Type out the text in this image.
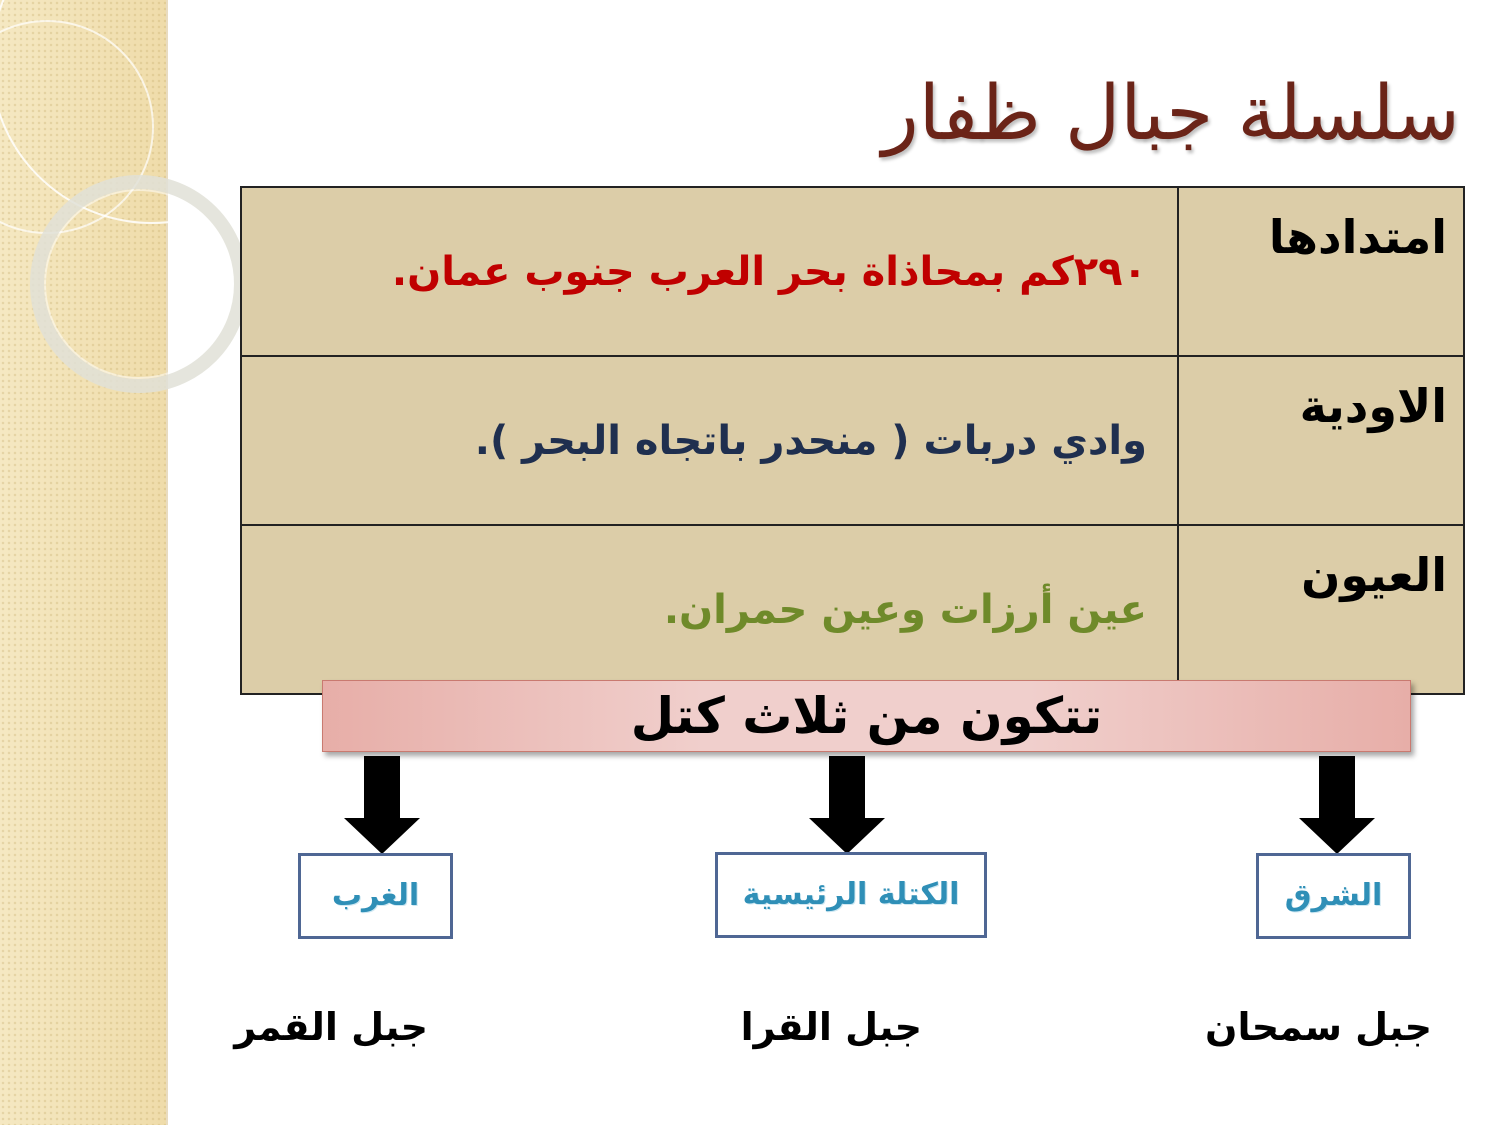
سلسلة جبال ظفار
امتدادها	٢٩٠كم بمحاذاة بحر العرب جنوب عمان.
الاودية	وادي دربات ( منحدر باتجاه البحر ).
العيون	عين أرزات وعين حمران.
تتكون من ثلاث كتل
الشرق
الكتلة الرئيسية
الغرب
جبل سمحان
جبل القرا
جبل القمر
